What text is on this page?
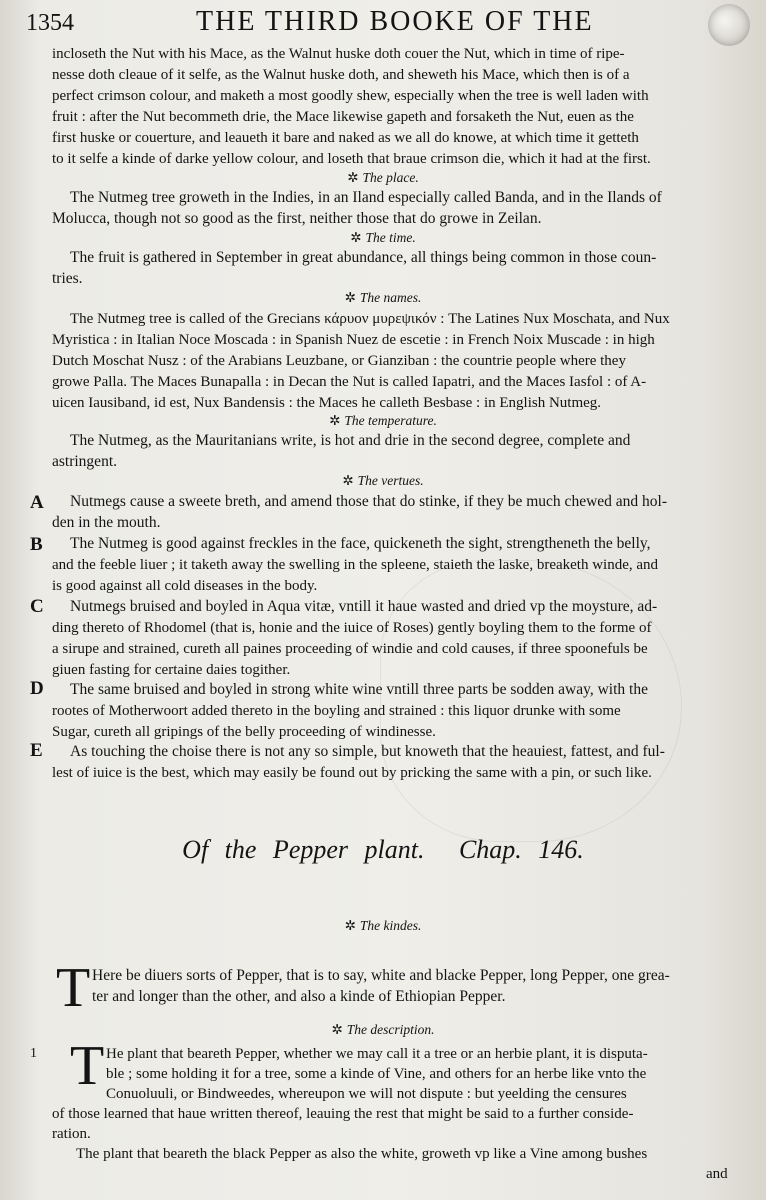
1354	THE THIRD BOOKE OF THE
incloseth the Nut with his Mace, as the Walnut huske doth couer the Nut, which in time of ripe-
nesse doth cleaue of it selfe, as the Walnut huske doth, and sheweth his Mace, which then is of a
perfect crimson colour, and maketh a most goodly shew, especially when the tree is well laden with
fruit : after the Nut becommeth drie, the Mace likewise gapeth and forsaketh the Nut, euen as the
first huske or couerture, and leaueth it bare and naked as we all do knowe, at which time it getteth
to it selfe a kinde of darke yellow colour, and loseth that braue crimson die, which it had at the first.
✲ The place.
The Nutmeg tree groweth in the Indies, in an Iland especially called Banda, and in the Ilands of
Molucca, though not so good as the first, neither those that do growe in Zeilan.
✲ The time.
The fruit is gathered in September in great abundance, all things being common in those coun-
tries.
✲ The names.
The Nutmeg tree is called of the Grecians κάρυον μυρεψικόν : The Latines Nux Moschata, and Nux
Myristica : in Italian Noce Moscada : in Spanish Nuez de escetie : in French Noix Muscade : in high
Dutch Moschat Nusz : of the Arabians Leuzbane, or Gianziban : the countrie people where they
growe Palla. The Maces Bunapalla : in Decan the Nut is called Iapatri, and the Maces Iasfol : of A-
uicen Iausiband, id est, Nux Bandensis : the Maces he calleth Besbase : in English Nutmeg.
✲ The temperature.
The Nutmeg, as the Mauritanians write, is hot and drie in the second degree, complete and
astringent.
✲ The vertues.
A Nutmegs cause a sweete breth, and amend those that do stinke, if they be much chewed and hol-
den in the mouth.
B The Nutmeg is good against freckles in the face, quickeneth the sight, strengtheneth the belly,
and the feeble liuer ; it taketh away the swelling in the spleene, staieth the laske, breaketh winde, and
is good against all cold diseases in the body.
C Nutmegs bruised and boyled in Aqua vitæ, vntill it haue wasted and dried vp the moysture, ad-
ding thereto of Rhodomel (that is, honie and the iuice of Roses) gently boyling them to the forme of
a sirupe and strained, cureth all paines proceeding of windie and cold causes, if three spoonefuls be
giuen fasting for certaine daies togither.
D The same bruised and boyled in strong white wine vntill three parts be sodden away, with the
rootes of Motherwoort added thereto in the boyling and strained : this liquor drunke with some
Sugar, cureth all gripings of the belly proceeding of windinesse.
E As touching the choise there is not any so simple, but knoweth that the heauiest, fattest, and ful-
lest of iuice is the best, which may easily be found out by pricking the same with a pin, or such like.
Of the Pepper plant. Chap. 146.
✲ The kindes.
T Here be diuers sorts of Pepper, that is to say, white and blacke Pepper, long Pepper, one grea-
ter and longer than the other, and also a kinde of Ethiopian Pepper.
✲ The description.
1 T He plant that beareth Pepper, whether we may call it a tree or an herbie plant, it is disputa-
ble ; some holding it for a tree, some a kinde of Vine, and others for an herbe like vnto the
Conuoluuli, or Bindweedes, whereupon we will not dispute : but yeelding the censures
of those learned that haue written thereof, leauing the rest that might be said to a further conside-
ration.
The plant that beareth the black Pepper as also the white, groweth vp like a Vine among bushes
and
